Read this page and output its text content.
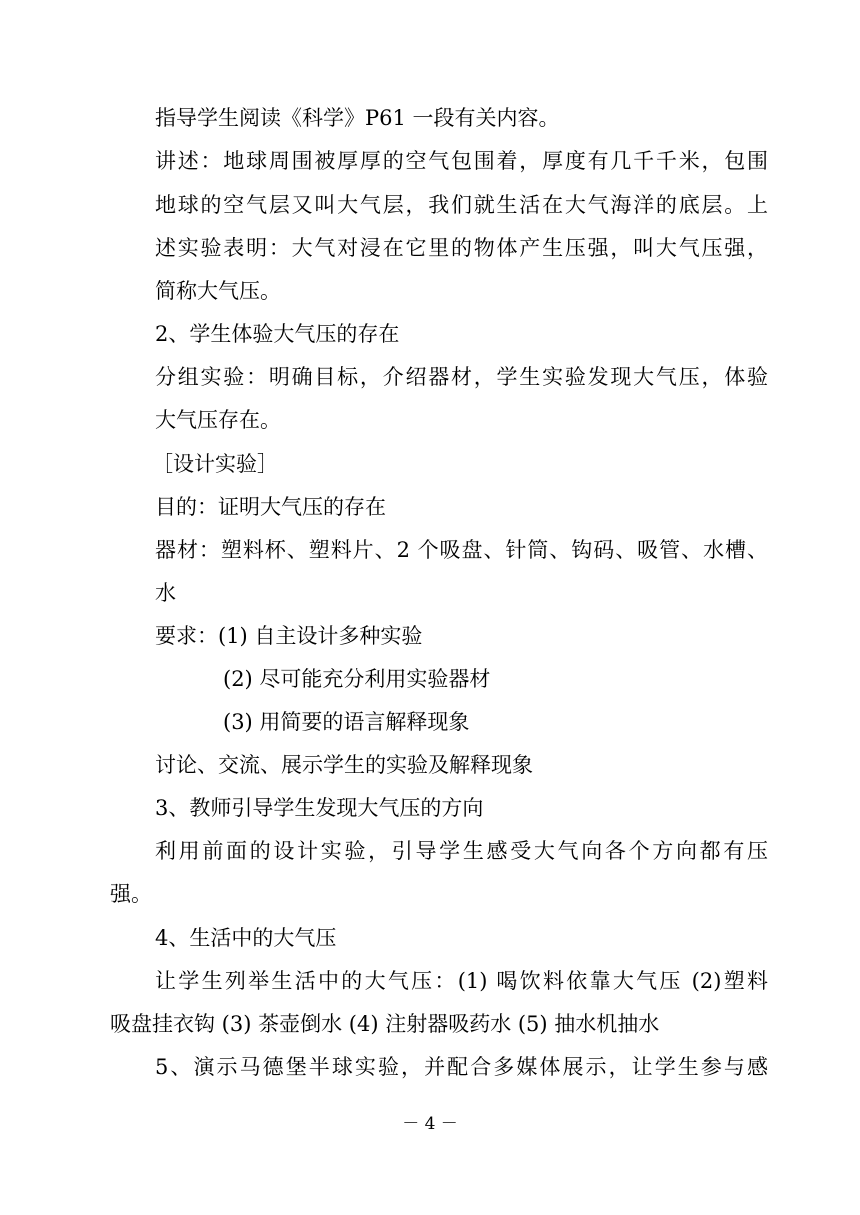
指导学生阅读《科学》P61 一段有关内容。
讲述：地球周围被厚厚的空气包围着，厚度有几千千米，包围
地球的空气层又叫大气层，我们就生活在大气海洋的底层。上
述实验表明：大气对浸在它里的物体产生压强，叫大气压强，
简称大气压。
2、学生体验大气压的存在
分组实验：明确目标，介绍器材，学生实验发现大气压，体验
大气压存在。
［设计实验］
目的：证明大气压的存在
器材：塑料杯、塑料片、2 个吸盘、针筒、钩码、吸管、水槽、
水
要求：(1) 自主设计多种实验
(2) 尽可能充分利用实验器材
(3) 用简要的语言解释现象
讨论、交流、展示学生的实验及解释现象
3、教师引导学生发现大气压的方向
利用前面的设计实验，引导学生感受大气向各个方向都有压
强。
4、生活中的大气压
让学生列举生活中的大气压：(1) 喝饮料依靠大气压 (2)塑料
吸盘挂衣钩 (3) 茶壶倒水 (4) 注射器吸药水 (5) 抽水机抽水
5、演示马德堡半球实验，并配合多媒体展示，让学生参与感
－ 4 －
